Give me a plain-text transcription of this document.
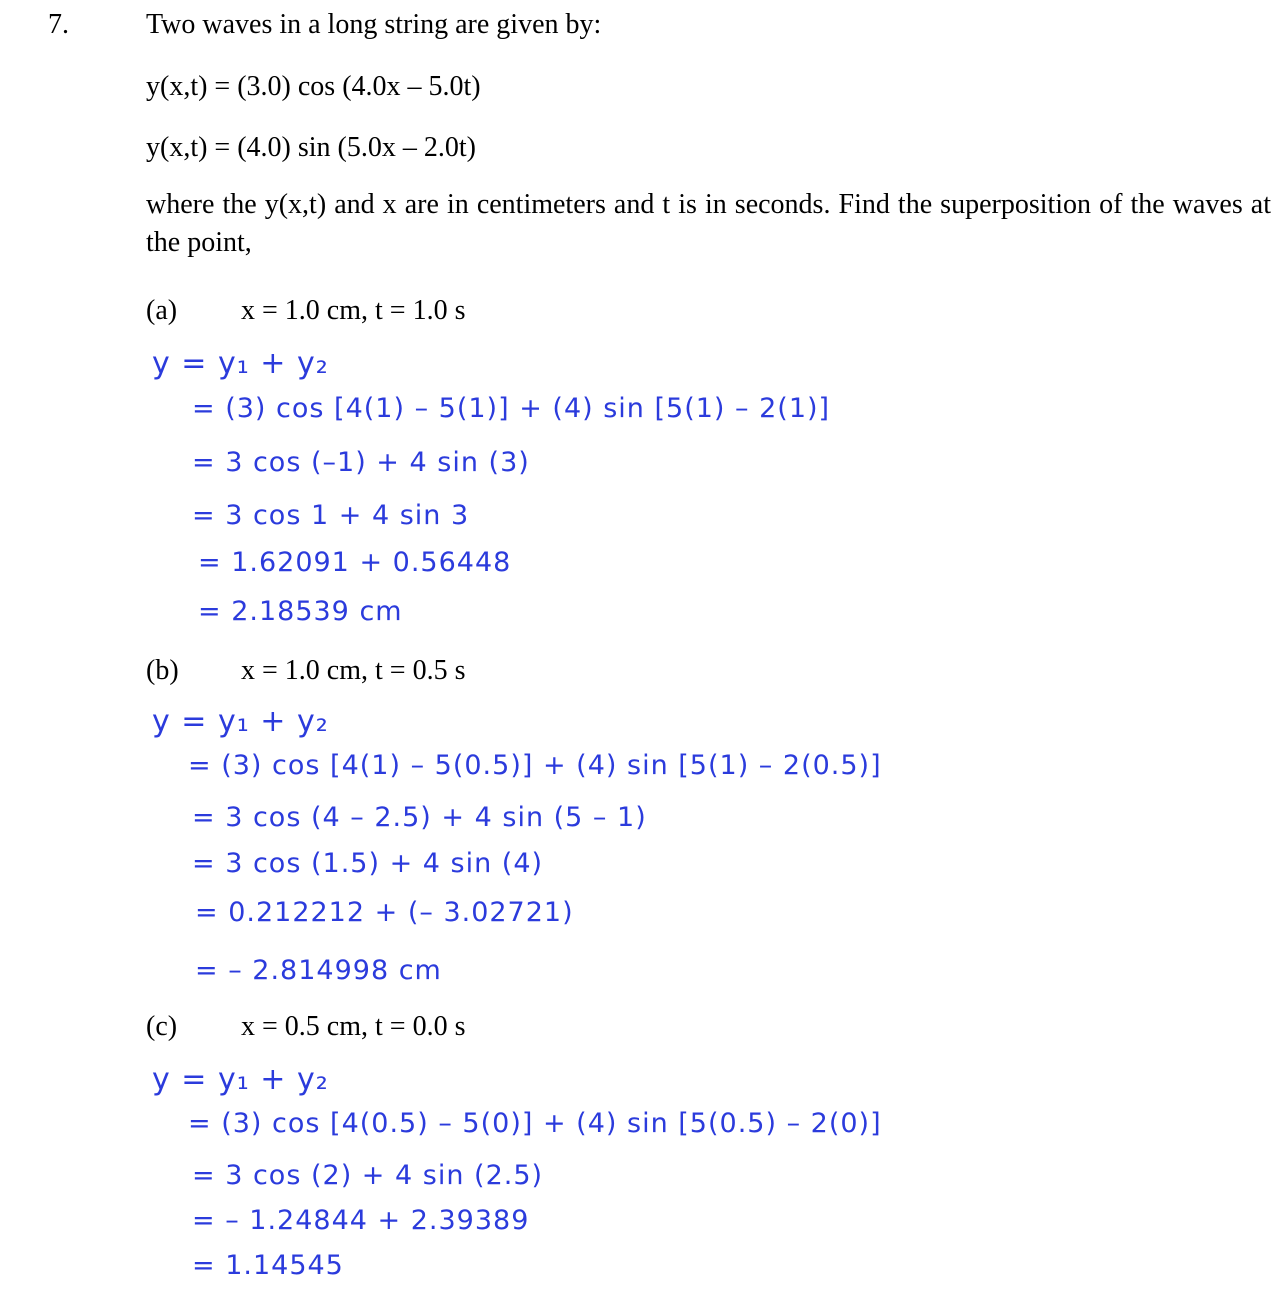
7.	Two waves in a long string are given by:
y(x,t) = (3.0) cos (4.0x – 5.0t)
y(x,t) = (4.0) sin (5.0x – 2.0t)
where the y(x,t) and x are in centimeters and t is in seconds. Find the superposition of the waves at the point,
(a) x = 1.0 cm, t = 1.0 s
y = y₁ + y₂
= (3) cos [4(1) – 5(1)] + (4) sin [5(1) – 2(1)]
= 3 cos (–1) + 4 sin (3)
= 3 cos 1 + 4 sin 3
= 1.62091 + 0.56448
= 2.18539 cm
(b) x = 1.0 cm, t = 0.5 s
y = y₁ + y₂
= (3) cos [4(1) – 5(0.5)] + (4) sin [5(1) – 2(0.5)]
= 3 cos (4 – 2.5) + 4 sin (5 – 1)
= 3 cos (1.5) + 4 sin (4)
= 0.212212 + (– 3.02721)
= – 2.814998 cm
(c) x = 0.5 cm, t = 0.0 s
y = y₁ + y₂
= (3) cos [4(0.5) – 5(0)] + (4) sin [5(0.5) – 2(0)]
= 3 cos (2) + 4 sin (2.5)
= – 1.24844 + 2.39389
= 1.14545
